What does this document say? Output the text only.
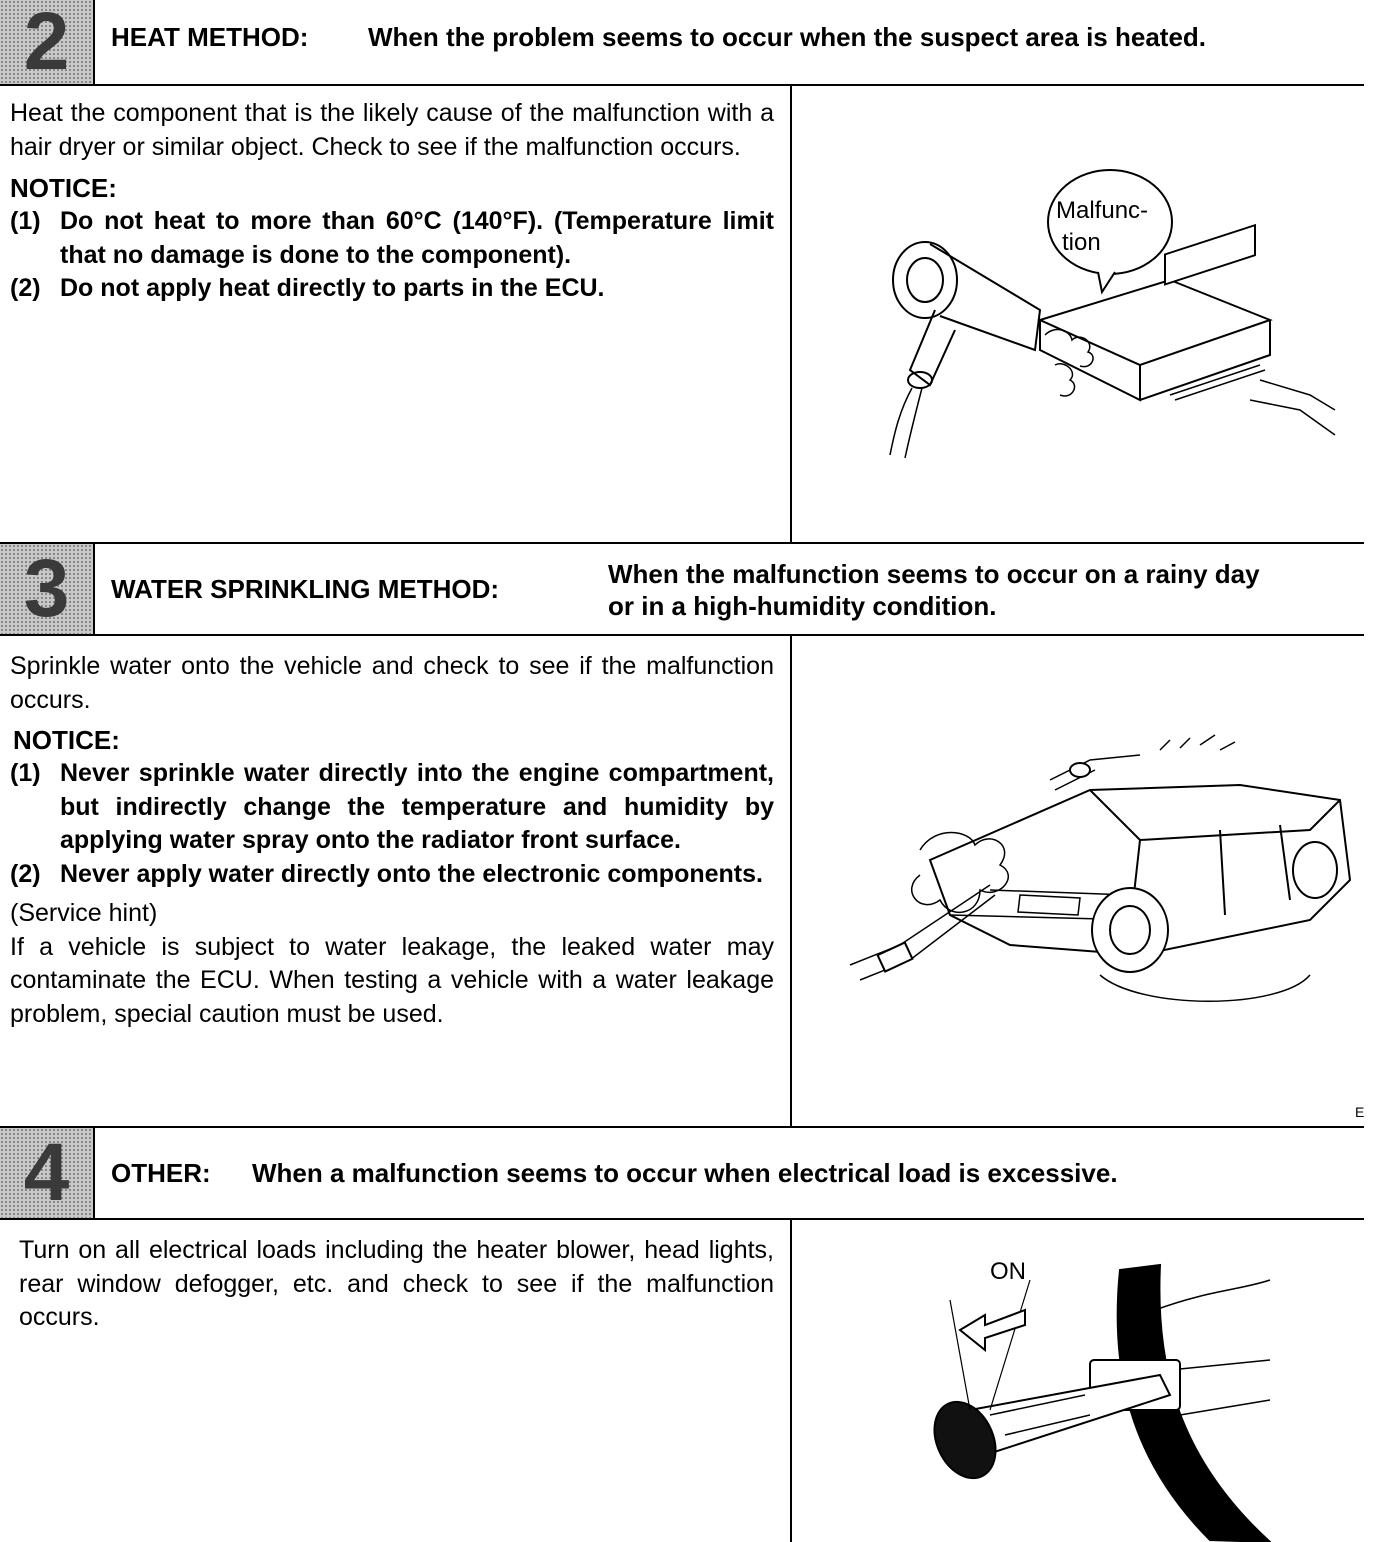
2	HEAT METHOD: When the problem seems to occur when the suspect area is heated.

Heat the component that is the likely cause of the malfunction with a hair dryer or similar object. Check to see if the malfunction occurs.

NOTICE:
(1) Do not heat to more than 60°C (140°F). (Temperature limit that no damage is done to the component).
(2) Do not apply heat directly to parts in the ECU.
Malfunc-
tion
3	WATER SPRINKLING METHOD:	When the malfunction seems to occur on a rainy day
or in a high-humidity condition.

Sprinkle water onto the vehicle and check to see if the malfunction occurs.

NOTICE:
(1) Never sprinkle water directly into the engine compartment, but indirectly change the temperature and humidity by applying water spray onto the radiator front surface.
(2) Never apply water directly onto the electronic components.
(Service hint)

If a vehicle is subject to water leakage, the leaked water may contaminate the ECU. When testing a vehicle with a water leakage problem, special caution must be used.

E
4	OTHER: When a malfunction seems to occur when electrical load is excessive.

Turn on all electrical loads including the heater blower, head lights, rear window defogger, etc. and check to see if the malfunction occurs.

ON
